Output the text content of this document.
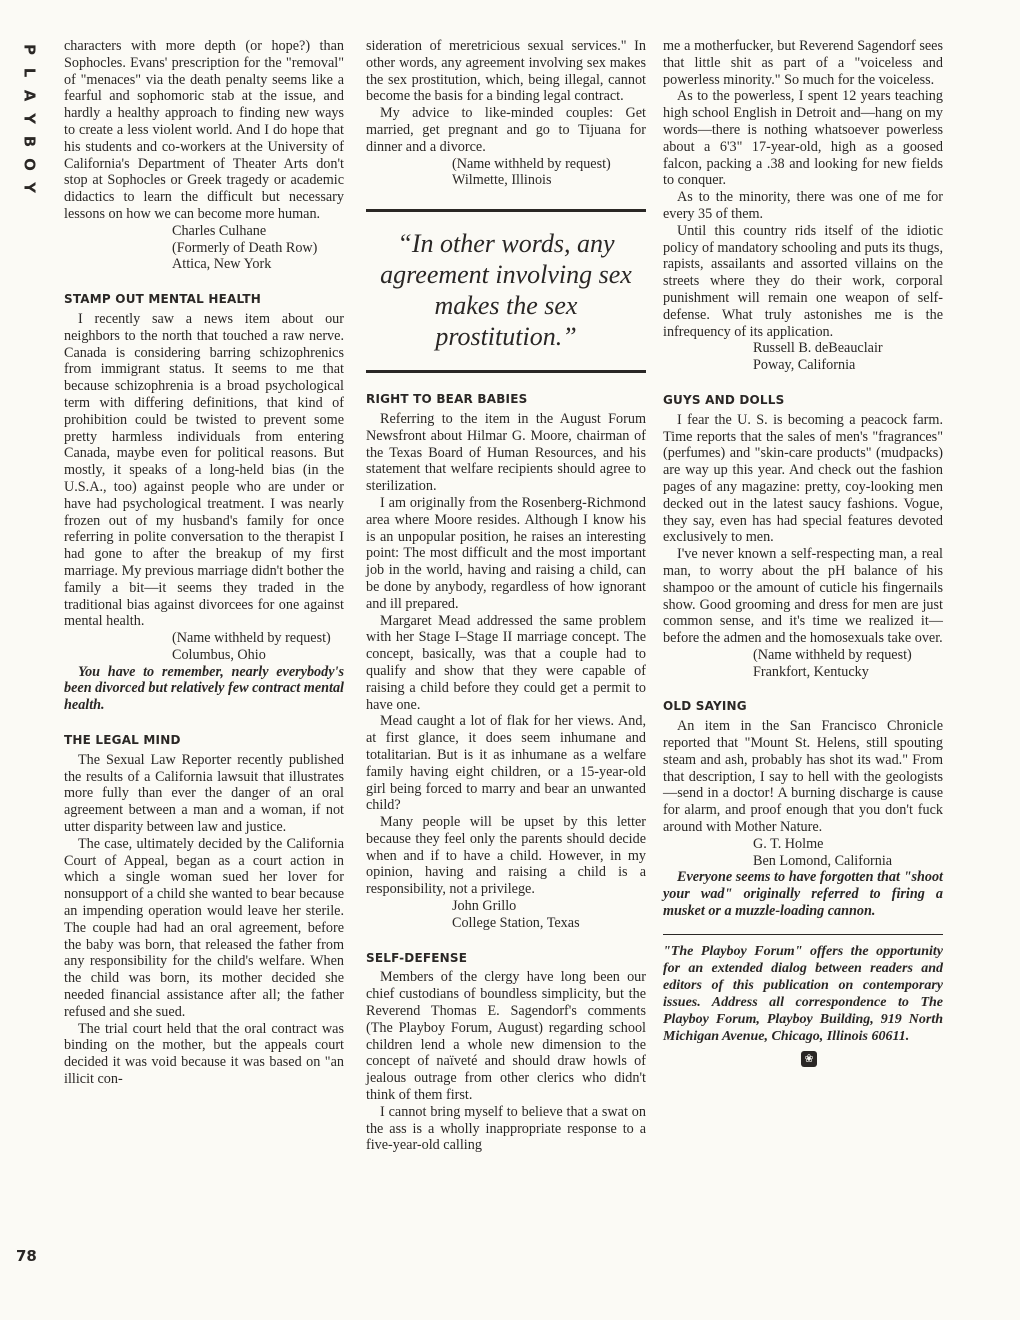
P
L
A
Y
B
O
Y
78

characters with more depth (or hope?) than Sophocles. Evans' prescription for the "removal" of "menaces" via the death penalty seems like a fearful and sophomoric stab at the issue, and hardly a healthy approach to finding new ways to create a less violent world. And I do hope that his students and co-workers at the University of California's Department of Theater Arts don't stop at Sophocles or Greek tragedy or academic didactics to learn the difficult but necessary lessons on how we can become more human.

Charles Culhane
(Formerly of Death Row)
Attica, New York
STAMP OUT MENTAL HEALTH

I recently saw a news item about our neighbors to the north that touched a raw nerve. Canada is considering barring schizophrenics from immigrant status. It seems to me that because schizophrenia is a broad psychological term with differing definitions, that kind of prohibition could be twisted to prevent some pretty harmless individuals from entering Canada, maybe even for political reasons. But mostly, it speaks of a long-held bias (in the U.S.A., too) against people who are under or have had psychological treatment. I was nearly frozen out of my husband's family for once referring in polite conversation to the therapist I had gone to after the breakup of my first marriage. My previous marriage didn't bother the family a bit—it seems they traded in the traditional bias against divorcees for one against mental health.

(Name withheld by request)
Columbus, Ohio

You have to remember, nearly everybody's been divorced but relatively few contract mental health.

THE LEGAL MIND

The Sexual Law Reporter recently published the results of a California lawsuit that illustrates more fully than ever the danger of an oral agreement between a man and a woman, if not utter disparity between law and justice.

The case, ultimately decided by the California Court of Appeal, began as a court action in which a single woman sued her lover for nonsupport of a child she wanted to bear because an impending operation would leave her sterile. The couple had had an oral agreement, before the baby was born, that released the father from any responsibility for the child's welfare. When the child was born, its mother decided she needed financial assistance after all; the father refused and she sued.

The trial court held that the oral contract was binding on the mother, but the appeals court decided it was void because it was based on "an illicit con-

sideration of meretricious sexual services." In other words, any agreement involving sex makes the sex prostitution, which, being illegal, cannot become the basis for a binding legal contract.

My advice to like-minded couples: Get married, get pregnant and go to Tijuana for dinner and a divorce.

(Name withheld by request)
Wilmette, Illinois
“In other words, any agreement involving sex makes the sex prostitution.”
RIGHT TO BEAR BABIES

Referring to the item in the August Forum Newsfront about Hilmar G. Moore, chairman of the Texas Board of Human Resources, and his statement that welfare recipients should agree to sterilization.

I am originally from the Rosenberg-Richmond area where Moore resides. Although I know his is an unpopular position, he raises an interesting point: The most difficult and the most important job in the world, having and raising a child, can be done by anybody, regardless of how ignorant and ill prepared.

Margaret Mead addressed the same problem with her Stage I–Stage II marriage concept. The concept, basically, was that a couple had to qualify and show that they were capable of raising a child before they could get a permit to have one.

Mead caught a lot of flak for her views. And, at first glance, it does seem inhumane and totalitarian. But is it as inhumane as a welfare family having eight children, or a 15-year-old girl being forced to marry and bear an unwanted child?

Many people will be upset by this letter because they feel only the parents should decide when and if to have a child. However, in my opinion, having and raising a child is a responsibility, not a privilege.

John Grillo
College Station, Texas
SELF-DEFENSE

Members of the clergy have long been our chief custodians of boundless simplicity, but the Reverend Thomas E. Sagendorf's comments (The Playboy Forum, August) regarding school children lend a whole new dimension to the concept of naïveté and should draw howls of jealous outrage from other clerics who didn't think of them first.

I cannot bring myself to believe that a swat on the ass is a wholly inappropriate response to a five-year-old calling

me a motherfucker, but Reverend Sagendorf sees that little shit as part of a "voiceless and powerless minority." So much for the voiceless.

As to the powerless, I spent 12 years teaching high school English in Detroit and—hang on my words—there is nothing whatsoever powerless about a 6'3" 17-year-old, high as a goosed falcon, packing a .38 and looking for new fields to conquer.

As to the minority, there was one of me for every 35 of them.

Until this country rids itself of the idiotic policy of mandatory schooling and puts its thugs, rapists, assailants and assorted villains on the streets where they do their work, corporal punishment will remain one weapon of self-defense. What truly astonishes me is the infrequency of its application.

Russell B. deBeauclair
Poway, California
GUYS AND DOLLS

I fear the U. S. is becoming a peacock farm. Time reports that the sales of men's "fragrances" (perfumes) and "skin-care products" (mudpacks) are way up this year. And check out the fashion pages of any magazine: pretty, coy-looking men decked out in the latest saucy fashions. Vogue, they say, even has had special features devoted exclusively to men.

I've never known a self-respecting man, a real man, to worry about the pH balance of his shampoo or the amount of cuticle his fingernails show. Good grooming and dress for men are just common sense, and it's time we realized it—before the admen and the homosexuals take over.

(Name withheld by request)
Frankfort, Kentucky
OLD SAYING

An item in the San Francisco Chronicle reported that "Mount St. Helens, still spouting steam and ash, probably has shot its wad." From that description, I say to hell with the geologists—send in a doctor! A burning discharge is cause for alarm, and proof enough that you don't fuck around with Mother Nature.

G. T. Holme
Ben Lomond, California

Everyone seems to have forgotten that "shoot your wad" originally referred to firing a musket or a muzzle-loading cannon.

"The Playboy Forum" offers the opportunity for an extended dialog between readers and editors of this publication on contemporary issues. Address all correspondence to The Playboy Forum, Playboy Building, 919 North Michigan Avenue, Chicago, Illinois 60611.
❀
